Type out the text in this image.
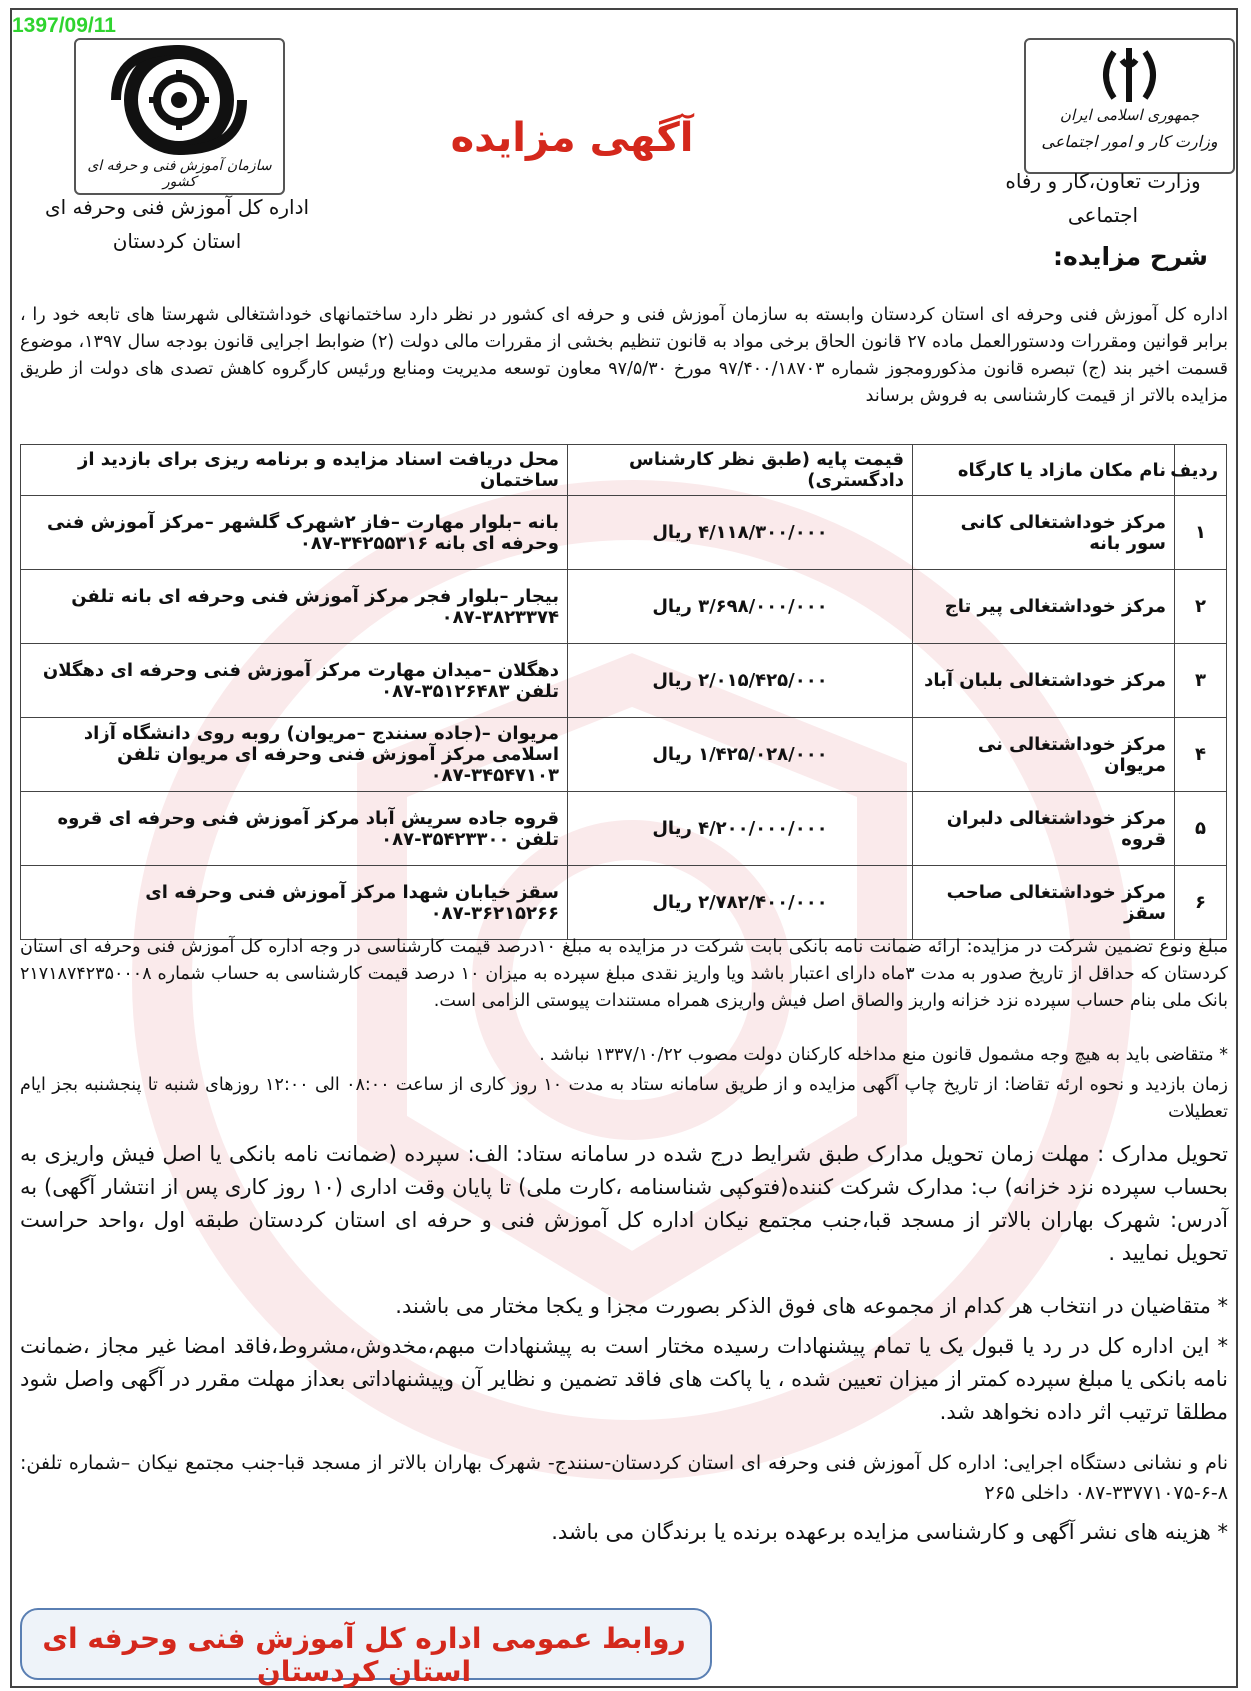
1397/09/11
سازمان آموزش فنی و حرفه ای کشور
اداره کل آموزش فنی وحرفه ای
استان کردستان
آگهی مزایده	جمهوری اسلامی ایران
وزارت کار و امور اجتماعی
وزارت تعاون،کار و رفاه اجتماعی
شرح مزایده:
اداره کل آموزش فنی وحرفه ای استان کردستان وابسته به سازمان آموزش فنی و حرفه ای کشور در نظر دارد ساختمانهای خوداشتغالی شهرستا های تابعه خود را ، برابر قوانین ومقررات ودستورالعمل ماده ۲۷ قانون الحاق برخی مواد به قانون تنظیم بخشی از مقررات مالی دولت (۲) ضوابط اجرایی قانون بودجه سال ۱۳۹۷، موضوع قسمت اخیر بند (ج) تبصره قانون مذکورومجوز شماره ۹۷/۴۰۰/۱۸۷۰۳ مورخ ۹۷/۵/۳۰ معاون توسعه مدیریت ومنابع ورئیس کارگروه کاهش تصدی های دولت از طریق مزایده بالاتر از قیمت کارشناسی به فروش برساند
ردیف	نام مکان مازاد یا کارگاه	قیمت پایه (طبق نظر کارشناس دادگستری)	محل دریافت اسناد مزایده و برنامه ریزی برای بازدید از ساختمان
۱	مرکز خوداشتغالی کانی سور بانه	۴/۱۱۸/۳۰۰/۰۰۰ ریال	بانه –بلوار مهارت –فاز ۲شهرک گلشهر –مرکز آموزش فنی وحرفه ای بانه ۳۴۲۵۵۳۱۶-۰۸۷
۲	مرکز خوداشتغالی پیر تاج	۳/۶۹۸/۰۰۰/۰۰۰ ریال	بیجار –بلوار فجر مرکز آموزش فنی وحرفه ای بانه تلفن ۳۸۲۳۳۷۴-۰۸۷
۳	مرکز خوداشتغالی بلبان آباد	۲/۰۱۵/۴۲۵/۰۰۰ ریال	دهگلان –میدان مهارت مرکز آموزش فنی وحرفه ای دهگلان تلفن ۳۵۱۲۶۴۸۳-۰۸۷
۴	مرکز خوداشتغالی نی مریوان	۱/۴۲۵/۰۲۸/۰۰۰ ریال	مریوان –(جاده سنندج –مریوان) روبه روی دانشگاه آزاد اسلامی مرکز آموزش فنی وحرفه ای مریوان تلفن ۳۴۵۴۷۱۰۳-۰۸۷
۵	مرکز خوداشتغالی دلبران قروه	۴/۲۰۰/۰۰۰/۰۰۰ ریال	قروه جاده سریش آباد مرکز آموزش فنی وحرفه ای قروه تلفن ۳۵۴۲۳۳۰۰-۰۸۷
۶	مرکز خوداشتغالی صاحب سقز	۲/۷۸۲/۴۰۰/۰۰۰ ریال	سقز خیابان شهدا مرکز آموزش فنی وحرفه ای ۳۶۲۱۵۲۶۶-۰۸۷
مبلغ ونوع تضمین شرکت در مزایده: ارائه ضمانت نامه بانکی بابت شرکت در مزایده به مبلغ ۱۰درصد قیمت کارشناسی در وجه اداره کل آموزش فنی وحرفه ای استان کردستان که حداقل از تاریخ صدور به مدت ۳ماه دارای اعتبار باشد ویا واریز نقدی مبلغ سپرده به میزان ۱۰ درصد قیمت کارشناسی به حساب شماره ۲۱۷۱۸۷۴۲۳۵۰۰۰۸ بانک ملی بنام حساب سپرده نزد خزانه واریز والصاق اصل فیش واریزی همراه مستندات پیوستی الزامی است.
* متقاضی باید به هیچ وجه مشمول قانون منع مداخله کارکنان دولت مصوب ۱۳۳۷/۱۰/۲۲ نباشد .
زمان بازدید و نحوه ارئه تقاضا: از تاریخ چاپ آگهی مزایده و از طریق سامانه ستاد به مدت ۱۰ روز کاری از ساعت ۰۸:۰۰ الی ۱۲:۰۰ روزهای شنبه تا پنجشنبه بجز ایام تعطیلات
تحویل مدارک : مهلت زمان تحویل مدارک طبق شرایط درج شده در سامانه ستاد: الف: سپرده (ضمانت نامه بانکی یا اصل فیش واریزی به بحساب سپرده نزد خزانه) ب: مدارک شرکت کننده(فتوکپی شناسنامه ،کارت ملی) تا پایان وقت اداری (۱۰ روز کاری پس از انتشار آگهی) به آدرس: شهرک بهاران بالاتر از مسجد قبا،جنب مجتمع نیکان اداره کل آموزش فنی و حرفه ای استان کردستان طبقه اول ،واحد حراست تحویل نمایید .
* متقاضیان در انتخاب هر کدام از مجموعه های فوق الذکر بصورت مجزا و یکجا مختار می باشند.
* این اداره کل در رد یا قبول یک یا تمام پیشنهادات رسیده مختار است به پیشنهادات مبهم،مخدوش،مشروط،فاقد امضا غیر مجاز ،ضمانت نامه بانکی یا مبلغ سپرده کمتر از میزان تعیین شده ، یا پاکت های فاقد تضمین و نظایر آن وپیشنهاداتی بعداز مهلت مقرر در آگهی واصل شود مطلقا ترتیب اثر داده نخواهد شد.
نام و نشانی دستگاه اجرایی: اداره کل آموزش فنی وحرفه ای استان کردستان-سنندج- شهرک بهاران بالاتر از مسجد قبا-جنب مجتمع نیکان –شماره تلفن: ۸-۶-۳۳۷۷۱۰۷۵-۰۸۷ داخلی ۲۶۵
* هزینه های نشر آگهی و کارشناسی مزایده برعهده برنده یا برندگان می باشد.
روابط عمومی اداره کل آموزش فنی وحرفه ای استان کردستان
